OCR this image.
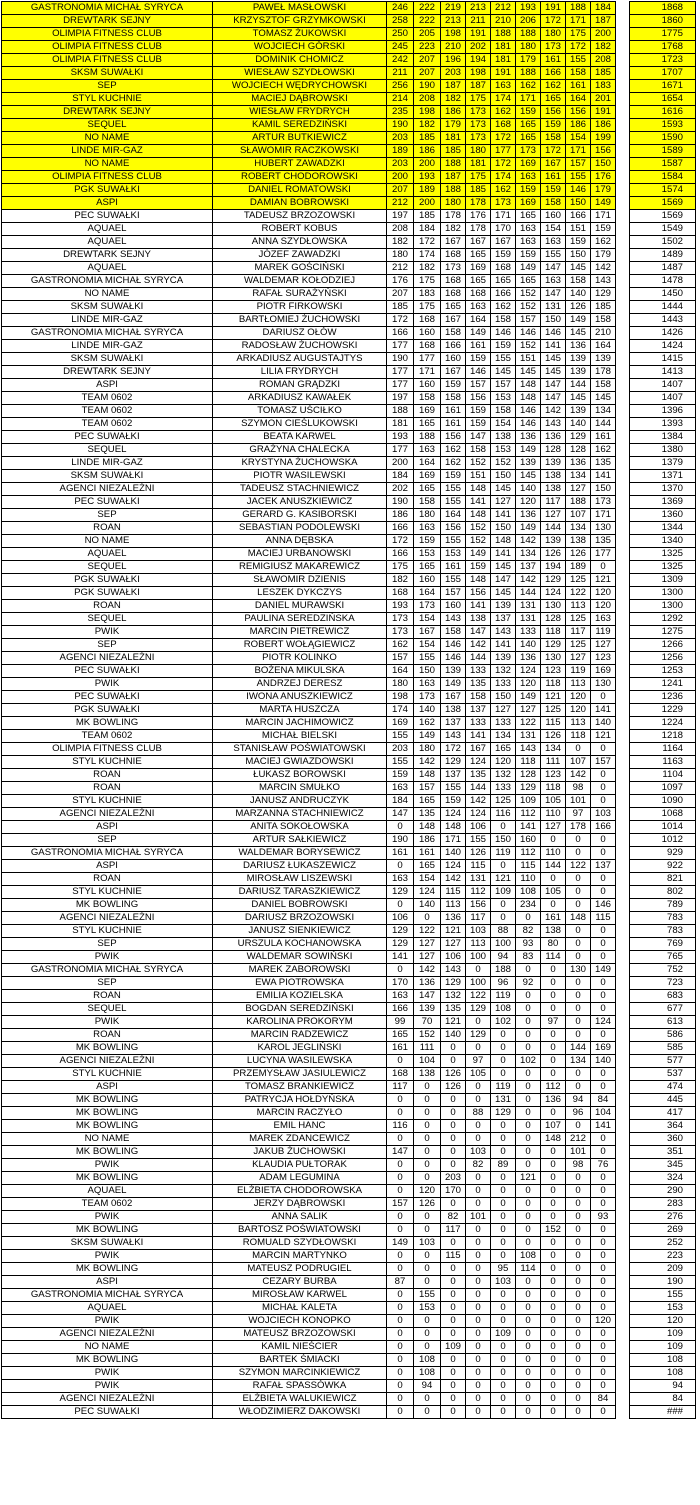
GASTRONOMIA MICHAŁ SYRYCA	PAWEŁ MASŁOWSKI	246	222	219	213	212	193	191	188	184		1868
DREWTARK SEJNY	KRZYSZTOF GRZYMKOWSKI	258	222	213	211	210	206	172	171	187		1860
OLIMPIA FITNESS CLUB	TOMASZ ŻUKOWSKI	250	205	198	191	188	188	180	175	200		1775
OLIMPIA FITNESS CLUB	WOJCIECH GÓRSKI	245	223	210	202	181	180	173	172	182		1768
OLIMPIA FITNESS CLUB	DOMINIK CHOMICZ	242	207	196	194	181	179	161	155	208		1723
SKSM SUWAŁKI	WIESŁAW SZYDŁOWSKI	211	207	203	198	191	188	166	158	185		1707
SEP	WOJCIECH WĘDRYCHOWSKI	256	190	187	187	163	162	162	161	183		1671
STYL KUCHNIE	MACIEJ DĄBROWSKI	214	208	182	175	174	171	165	164	201		1654
DREWTARK SEJNY	WIESŁAW FRYDRYCH	235	198	186	173	162	159	156	156	191		1616
SEQUEL	KAMIL SEREDZIŃSKI	190	182	179	173	168	165	159	186	186		1593
NO NAME	ARTUR BUTKIEWICZ	203	185	181	173	172	165	158	154	199		1590
LINDE MIR-GAZ	SŁAWOMIR RACZKOWSKI	189	186	185	180	177	173	172	171	156		1589
NO NAME	HUBERT ZAWADZKI	203	200	188	181	172	169	167	157	150		1587
OLIMPIA FITNESS CLUB	ROBERT CHODOROWSKI	200	193	187	175	174	163	161	155	176		1584
PGK SUWAŁKI	DANIEL ROMATOWSKI	207	189	188	185	162	159	159	146	179		1574
ASPI	DAMIAN BOBROWSKI	212	200	180	178	173	169	158	150	149		1569
PEC SUWAŁKI	TADEUSZ BRZOZOWSKI	197	185	178	176	171	165	160	166	171		1569
AQUAEL	ROBERT KOBUS	208	184	182	178	170	163	154	151	159		1549
AQUAEL	ANNA SZYDŁOWSKA	182	172	167	167	167	163	163	159	162		1502
DREWTARK SEJNY	JÓZEF ZAWADZKI	180	174	168	165	159	159	155	150	179		1489
AQUAEL	MAREK GOŚCIŃSKI	212	182	173	169	168	149	147	145	142		1487
GASTRONOMIA MICHAŁ SYRYCA	WALDEMAR KOŁODZIEJ	176	175	168	165	165	165	163	158	143		1478
NO NAME	RAFAŁ SURAŻYŃSKI	207	183	168	168	166	152	147	140	129		1450
SKSM SUWAŁKI	PIOTR FIRKOWSKI	185	175	165	163	162	152	131	126	185		1444
LINDE MIR-GAZ	BARTŁOMIEJ ŻUCHOWSKI	172	168	167	164	158	157	150	149	158		1443
GASTRONOMIA MICHAŁ SYRYCA	DARIUSZ OŁÓW	166	160	158	149	146	146	146	145	210		1426
LINDE MIR-GAZ	RADOSŁAW ŻUCHOWSKI	177	168	166	161	159	152	141	136	164		1424
SKSM SUWAŁKI	ARKADIUSZ AUGUSTAJTYS	190	177	160	159	155	151	145	139	139		1415
DREWTARK SEJNY	LILIA FRYDRYCH	177	171	167	146	145	145	145	139	178		1413
ASPI	ROMAN GRĄDZKI	177	160	159	157	157	148	147	144	158		1407
TEAM 0602	ARKADIUSZ KAWAŁEK	197	158	158	156	153	148	147	145	145		1407
TEAM 0602	TOMASZ UŚCIŁKO	188	169	161	159	158	146	142	139	134		1396
TEAM 0602	SZYMON CIEŚLUKOWSKI	181	165	161	159	154	146	143	140	144		1393
PEC SUWAŁKI	BEATA KARWEL	193	188	156	147	138	136	136	129	161		1384
SEQUEL	GRAŻYNA CHALECKA	177	163	162	158	153	149	128	128	162		1380
LINDE MIR-GAZ	KRYSTYNA ŻUCHOWSKA	200	164	162	152	152	139	139	136	135		1379
SKSM SUWAŁKI	PIOTR WASILEWSKI	184	169	159	151	150	145	138	134	141		1371
AGENCI NIEZALEŻNI	TADEUSZ STACHNIEWICZ	202	165	155	148	145	140	138	127	150		1370
PEC SUWAŁKI	JACEK ANUSZKIEWICZ	190	158	155	141	127	120	117	188	173		1369
SEP	GERARD G. KASIBORSKI	186	180	164	148	141	136	127	107	171		1360
ROAN	SEBASTIAN PODOLEWSKI	166	163	156	152	150	149	144	134	130		1344
NO NAME	ANNA DĘBSKA	172	159	155	152	148	142	139	138	135		1340
AQUAEL	MACIEJ URBANOWSKI	166	153	153	149	141	134	126	126	177		1325
SEQUEL	REMIGIUSZ MAKAREWICZ	175	165	161	159	145	137	194	189	0		1325
PGK SUWAŁKI	SŁAWOMIR DZIENIS	182	160	155	148	147	142	129	125	121		1309
PGK SUWAŁKI	LESZEK DYKCZYS	168	164	157	156	145	144	124	122	120		1300
ROAN	DANIEL MURAWSKI	193	173	160	141	139	131	130	113	120		1300
SEQUEL	PAULINA SEREDZIŃSKA	173	154	143	138	137	131	128	125	163		1292
PWIK	MARCIN PIETREWICZ	173	167	158	147	143	133	118	117	119		1275
SEP	ROBERT WOŁĄGIEWICZ	162	154	146	142	141	140	129	125	127		1266
AGENCI NIEZALEŻNI	PIOTR KOLINKO	157	155	146	144	139	136	130	127	123		1256
PEC SUWAŁKI	BOŻENA MIKULSKA	164	150	139	133	132	124	123	119	169		1253
PWIK	ANDRZEJ DERESZ	180	163	149	135	133	120	118	113	130		1241
PEC SUWAŁKI	IWONA ANUSZKIEWICZ	198	173	167	158	150	149	121	120	0		1236
PGK SUWAŁKI	MARTA HUSZCZA	174	140	138	137	127	127	125	120	141		1229
MK BOWLING	MARCIN JACHIMOWICZ	169	162	137	133	133	122	115	113	140		1224
TEAM 0602	MICHAŁ BIELSKI	155	149	143	141	134	131	126	118	121		1218
OLIMPIA FITNESS CLUB	STANISŁAW POŚWIATOWSKI	203	180	172	167	165	143	134	0	0		1164
STYL KUCHNIE	MACIEJ GWIAZDOWSKI	155	142	129	124	120	118	111	107	157		1163
ROAN	ŁUKASZ BOROWSKI	159	148	137	135	132	128	123	142	0		1104
ROAN	MARCIN SMUŁKO	163	157	155	144	133	129	118	98	0		1097
STYL KUCHNIE	JANUSZ ANDRUCZYK	184	165	159	142	125	109	105	101	0		1090
AGENCI NIEZALEŻNI	MARZANNA STACHNIEWICZ	147	135	124	124	116	112	110	97	103		1068
ASPI	ANITA SOKOŁOWSKA	0	148	148	106	0	141	127	178	166		1014
SEP	ARTUR SAŁKIEWICZ	190	186	171	155	150	160	0	0	0		1012
GASTRONOMIA MICHAŁ SYRYCA	WALDEMAR BORYSEWICZ	161	161	140	126	119	112	110	0	0		929
ASPI	DARIUSZ ŁUKASZEWICZ	0	165	124	115	0	115	144	122	137		922
ROAN	MIROSŁAW LISZEWSKI	163	154	142	131	121	110	0	0	0		821
STYL KUCHNIE	DARIUSZ TARASZKIEWICZ	129	124	115	112	109	108	105	0	0		802
MK BOWLING	DANIEL BOBROWSKI	0	140	113	156	0	234	0	0	146		789
AGENCI NIEZALEŻNI	DARIUSZ BRZOZOWSKI	106	0	136	117	0	0	161	148	115		783
STYL KUCHNIE	JANUSZ SIENKIEWICZ	129	122	121	103	88	82	138	0	0		783
SEP	URSZULA KOCHANOWSKA	129	127	127	113	100	93	80	0	0		769
PWIK	WALDEMAR SOWIŃSKI	141	127	106	100	94	83	114	0	0		765
GASTRONOMIA MICHAŁ SYRYCA	MAREK ZABOROWSKI	0	142	143	0	188	0	0	130	149		752
SEP	EWA PIOTROWSKA	170	136	129	100	96	92	0	0	0		723
ROAN	EMILIA KOZIELSKA	163	147	132	122	119	0	0	0	0		683
SEQUEL	BOGDAN SEREDZIŃSKI	166	139	135	129	108	0	0	0	0		677
PWIK	KAROLINA PROKORYM	99	70	121	0	102	0	97	0	124		613
ROAN	MARCIN RADZEWICZ	165	152	140	129	0	0	0	0	0		586
MK BOWLING	KAROL JEGLIŃSKI	161	111	0	0	0	0	0	144	169		585
AGENCI NIEZALEŻNI	LUCYNA WASILEWSKA	0	104	0	97	0	102	0	134	140		577
STYL KUCHNIE	PRZEMYSŁAW JASIULEWICZ	168	138	126	105	0	0	0	0	0		537
ASPI	TOMASZ BRANKIEWICZ	117	0	126	0	119	0	112	0	0		474
MK BOWLING	PATRYCJA HOŁDYŃSKA	0	0	0	0	131	0	136	94	84		445
MK BOWLING	MARCIN RACZYŁO	0	0	0	88	129	0	0	96	104		417
MK BOWLING	EMIL HANC	116	0	0	0	0	0	107	0	141		364
NO NAME	MAREK ZDANCEWICZ	0	0	0	0	0	0	148	212	0		360
MK BOWLING	JAKUB ŻUCHOWSKI	147	0	0	103	0	0	0	101	0		351
PWIK	KLAUDIA PUŁTORAK	0	0	0	82	89	0	0	98	76		345
MK BOWLING	ADAM LEGUMINA	0	0	203	0	0	121	0	0	0		324
AQUAEL	ELŻBIETA CHODOROWSKA	0	120	170	0	0	0	0	0	0		290
TEAM 0602	JERZY DĄBROWSKI	157	126	0	0	0	0	0	0	0		283
PWIK	ANNA SALIK	0	0	82	101	0	0	0	0	93		276
MK BOWLING	BARTOSZ POŚWIATOWSKI	0	0	117	0	0	0	152	0	0		269
SKSM SUWAŁKI	ROMUALD SZYDŁOWSKI	149	103	0	0	0	0	0	0	0		252
PWIK	MARCIN MARTYNKO	0	0	115	0	0	108	0	0	0		223
MK BOWLING	MATEUSZ PODRUGIEL	0	0	0	0	95	114	0	0	0		209
ASPI	CEZARY BURBA	87	0	0	0	103	0	0	0	0		190
GASTRONOMIA MICHAŁ SYRYCA	MIROSŁAW KARWEL	0	155	0	0	0	0	0	0	0		155
AQUAEL	MICHAŁ KALETA	0	153	0	0	0	0	0	0	0		153
PWIK	WOJCIECH KONOPKO	0	0	0	0	0	0	0	0	120		120
AGENCI NIEZALEŻNI	MATEUSZ BRZOZOWSKI	0	0	0	0	109	0	0	0	0		109
NO NAME	KAMIL NIEŚCIER	0	0	109	0	0	0	0	0	0		109
MK BOWLING	BARTEK ŚMIACKI	0	108	0	0	0	0	0	0	0		108
PWIK	SZYMON MARCINKIEWICZ	0	108	0	0	0	0	0	0	0		108
PWIK	RAFAŁ SPASSÓWKA	0	94	0	0	0	0	0	0	0		94
AGENCI NIEZALEŻNI	ELŻBIETA WALUKIEWICZ	0	0	0	0	0	0	0	0	84		84
PEC SUWAŁKI	WŁODZIMIERZ DAKOWSKI	0	0	0	0	0	0	0	0	0		###
